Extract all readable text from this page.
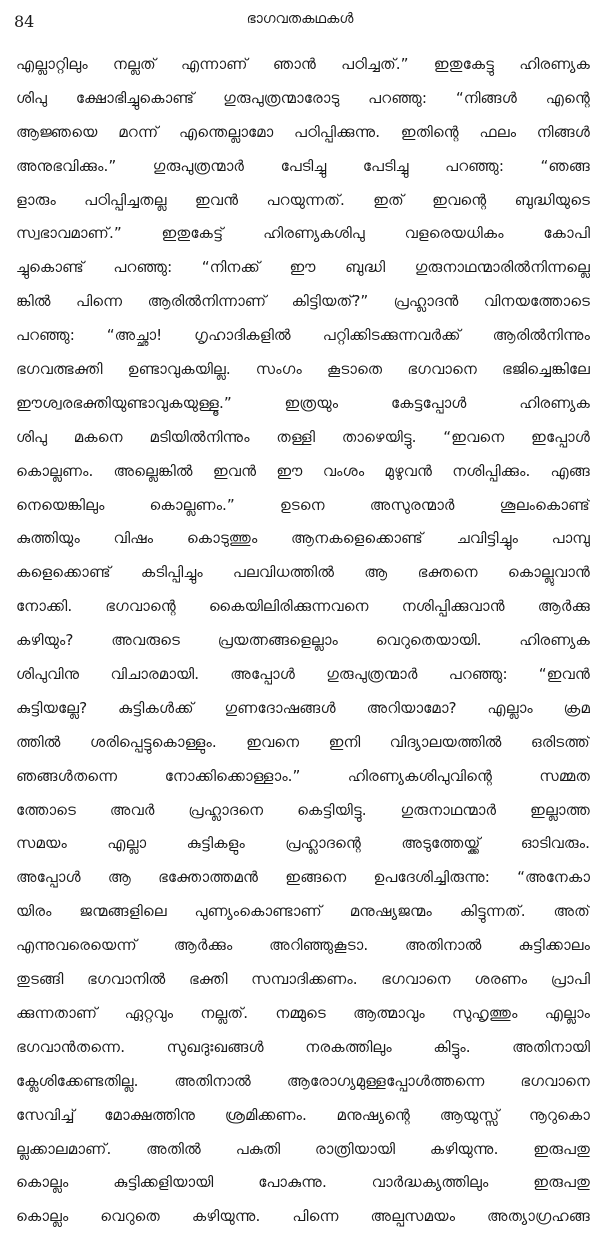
84	ഭാഗവതകഥകൾ
എല്ലാറ്റിലും നല്ലത് എന്നാണ് ഞാൻ പഠിച്ചത്.” ഇതുകേട്ടു ഹിരണ്യക
ശിപു ക്ഷോഭിച്ചുകൊണ്ട് ഗുരുപുത്രന്മാരോടു പറഞ്ഞു: “നിങ്ങൾ എന്റെ
ആജ്ഞയെ മറന്ന് എന്തെല്ലാമോ പഠിപ്പിക്കുന്നു. ഇതിന്റെ ഫലം നിങ്ങൾ
അനുഭവിക്കും.” ഗുരുപുത്രന്മാർ പേടിച്ചു പേടിച്ചു പറഞ്ഞു: “ഞങ്ങ
ളാരും പഠിപ്പിച്ചതല്ല ഇവൻ പറയുന്നത്. ഇത് ഇവന്റെ ബുദ്ധിയുടെ
സ്വഭാവമാണ്.” ഇതുകേട്ട് ഹിരണ്യകശിപു വളരെയധികം കോപി
ച്ചുകൊണ്ട് പറഞ്ഞു: “നിനക്ക് ഈ ബുദ്ധി ഗുരുനാഥന്മാരിൽനിന്നല്ലെ
ങ്കിൽ പിന്നെ ആരിൽനിന്നാണ് കിട്ടിയത്?” പ്രഹ്ലാദൻ വിനയത്തോടെ
പറഞ്ഞു: “അച്ഛാ! ഗൃഹാദികളിൽ പറ്റിക്കിടക്കുന്നവർക്ക് ആരിൽനിന്നും
ഭഗവത്ഭക്തി ഉണ്ടാവുകയില്ല. സംഗം കൂടാതെ ഭഗവാനെ ഭജിച്ചെങ്കിലേ
ഈശ്വരഭക്തിയുണ്ടാവുകയുള്ളൂ.” ഇത്രയും കേട്ടപ്പോൾ ഹിരണ്യക
ശിപു മകനെ മടിയിൽനിന്നും തള്ളി താഴെയിട്ടു. “ഇവനെ ഇപ്പോൾ
കൊല്ലണം. അല്ലെങ്കിൽ ഇവൻ ഈ വംശം മുഴുവൻ നശിപ്പിക്കും. എങ്ങ
നെയെങ്കിലും കൊല്ലണം.” ഉടനെ അസുരന്മാർ ശൂലംകൊണ്ട്
കുത്തിയും വിഷം കൊടുത്തും ആനകളെക്കൊണ്ട് ചവിട്ടിച്ചും പാമ്പു
കളെക്കൊണ്ട് കടിപ്പിച്ചും പലവിധത്തിൽ ആ ഭക്തനെ കൊല്ലുവാൻ
നോക്കി. ഭഗവാന്റെ കൈയിലിരിക്കുന്നവനെ നശിപ്പിക്കുവാൻ ആർക്കു
കഴിയും? അവരുടെ പ്രയത്നങ്ങളെല്ലാം വെറുതെയായി. ഹിരണ്യക
ശിപുവിനു വിചാരമായി. അപ്പോൾ ഗുരുപുത്രന്മാർ പറഞ്ഞു: “ഇവൻ
കുട്ടിയല്ലേ? കുട്ടികൾക്ക് ഗുണദോഷങ്ങൾ അറിയാമോ? എല്ലാം ക്രമ
ത്തിൽ ശരിപ്പെട്ടുകൊള്ളും. ഇവനെ ഇനി വിദ്യാലയത്തിൽ ഒരിടത്ത്
ഞങ്ങൾതന്നെ നോക്കിക്കൊള്ളാം.” ഹിരണ്യകശിപുവിന്റെ സമ്മത
ത്തോടെ അവർ പ്രഹ്ലാദനെ കെട്ടിയിട്ടു. ഗുരുനാഥന്മാർ ഇല്ലാത്ത
സമയം എല്ലാ കുട്ടികളും പ്രഹ്ലാദന്റെ അടുത്തേയ്ക്ക് ഓടിവരും.
അപ്പോൾ ആ ഭക്തോത്തമൻ ഇങ്ങനെ ഉപദേശിച്ചിരുന്നു: “അനേകാ
യിരം ജന്മങ്ങളിലെ പുണ്യംകൊണ്ടാണ് മനുഷ്യജന്മം കിട്ടുന്നത്. അത്
എന്നുവരെയെന്ന് ആർക്കും അറിഞ്ഞുകൂടാ. അതിനാൽ കുട്ടിക്കാലം
തുടങ്ങി ഭഗവാനിൽ ഭക്തി സമ്പാദിക്കണം. ഭഗവാനെ ശരണം പ്രാപി
ക്കുന്നതാണ് ഏറ്റവും നല്ലത്. നമ്മുടെ ആത്മാവും സുഹൃത്തും എല്ലാം
ഭഗവാൻതന്നെ. സുഖദുഃഖങ്ങൾ നരകത്തിലും കിട്ടും. അതിനായി
ക്ലേശിക്കേണ്ടതില്ല. അതിനാൽ ആരോഗ്യമുള്ളപ്പോൾത്തന്നെ ഭഗവാനെ
സേവിച്ച് മോക്ഷത്തിനു ശ്രമിക്കണം. മനുഷ്യന്റെ ആയുസ്സ് നൂറുകൊ
ല്ലക്കാലമാണ്. അതിൽ പകുതി രാത്രിയായി കഴിയുന്നു. ഇരുപതു
കൊല്ലം കുട്ടിക്കളിയായി പോകുന്നു. വാർദ്ധക്യത്തിലും ഇരുപതു
കൊല്ലം വെറുതെ കഴിയുന്നു. പിന്നെ അല്പസമയം അത്യാഗ്രഹങ്ങ
